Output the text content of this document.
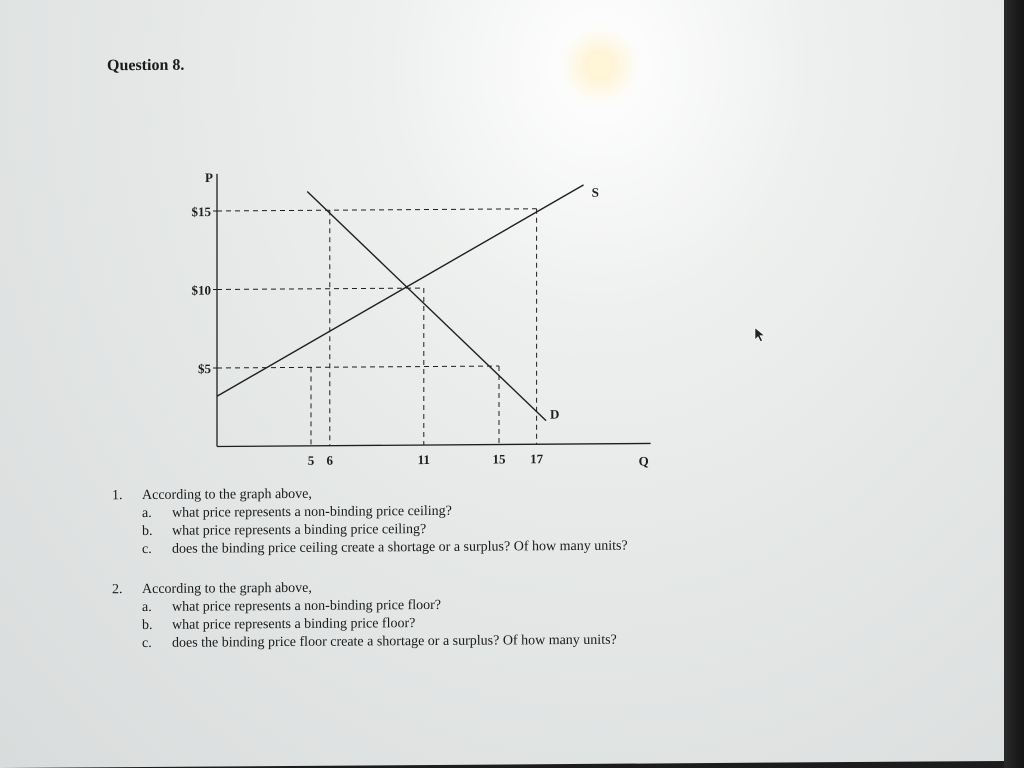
Question 8.
P
Q
$15
$10
$5
5 6	11	15 17
S
D
1.	According to the graph above,
a.	what price represents a non-binding price ceiling?
b.	what price represents a binding price ceiling?
c.	does the binding price ceiling create a shortage or a surplus? Of how many units?
2.	According to the graph above,
a.	what price represents a non-binding price floor?
b.	what price represents a binding price floor?
c.	does the binding price floor create a shortage or a surplus? Of how many units?
